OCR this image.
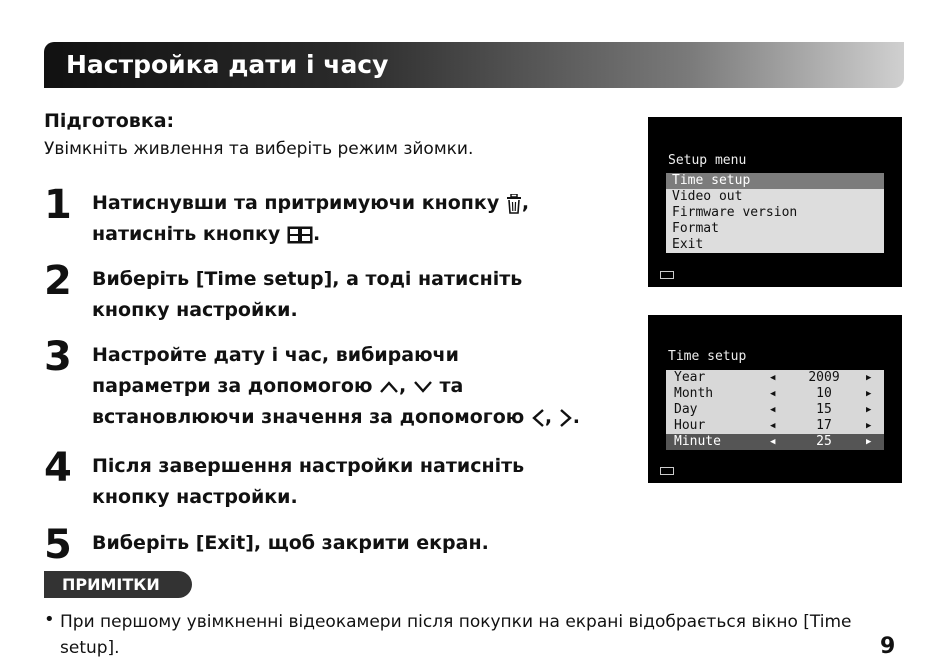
Настройка дати і часу
Підготовка:
Увімкніть живлення та виберіть режим зйомки.
1 Натиснувши та притримуючи кнопку ,
натисніть кнопку .
2 Виберіть [Time setup], а тоді натисніть
кнопку настройки.
3 Настройте дату і час, вибираючи
параметри за допомогою , та
встановлюючи значення за допомогою , .
4 Після завершення настройки натисніть
кнопку настройки.
5 Виберіть [Exit], щоб закрити екран.
ПРИМІТКИ
• При першому увімкненні відеокамери після покупки на екрані відобрається вікно [Time setup].	9
Setup menu
Time setup
Video out
Firmware version
Format
Exit
Time setup
Year	◀	2009	▶
Month	◀	10	▶
Day	◀	15	▶
Hour	◀	17	▶
Minute	◀	25	▶
